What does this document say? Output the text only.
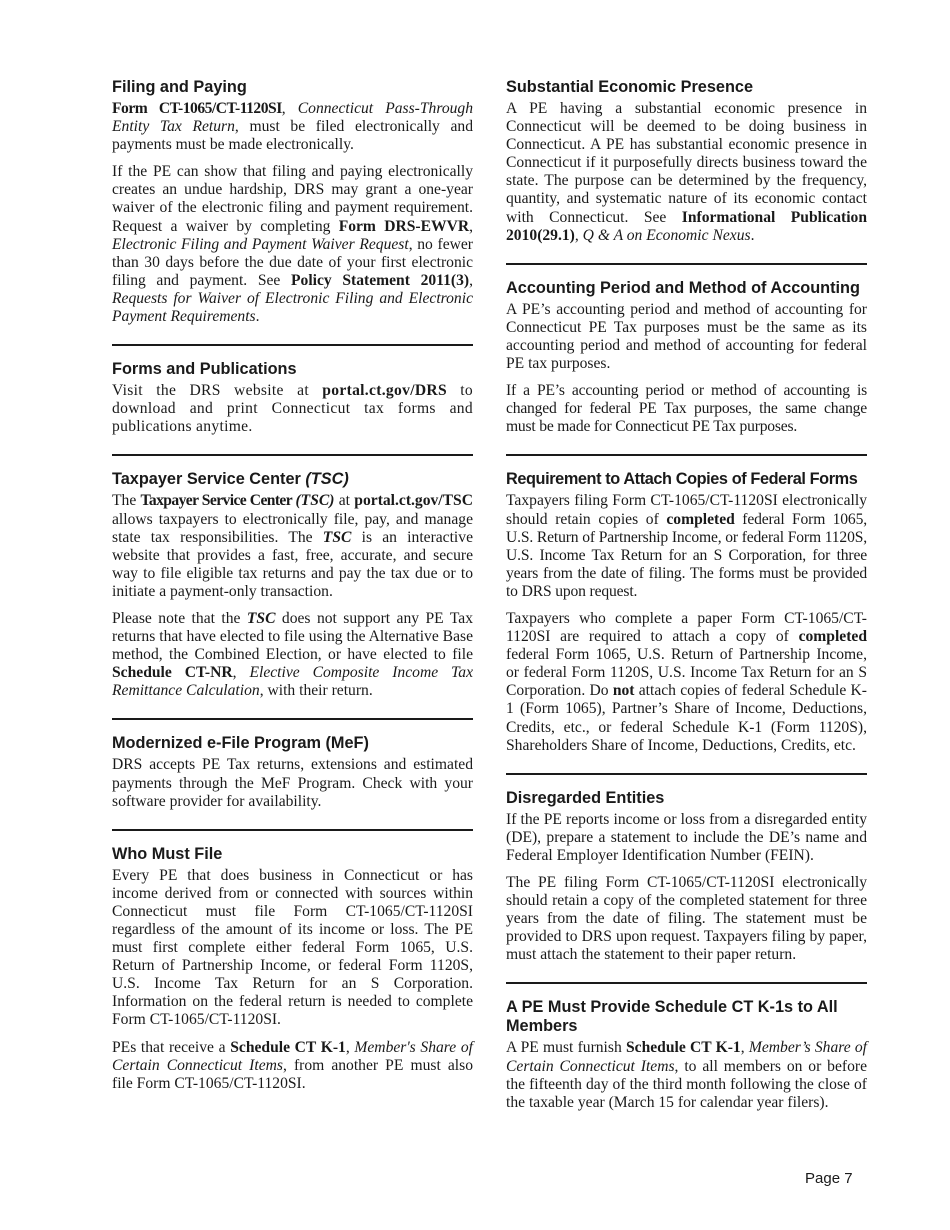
Filing and Paying

Form CT-1065/CT-1120SI, Connecticut Pass-Through Entity Tax Return, must be filed electronically and payments must be made electronically.

If the PE can show that filing and paying electronically creates an undue hardship, DRS may grant a one-year waiver of the electronic filing and payment requirement. Request a waiver by completing Form DRS-EWVR, Electronic Filing and Payment Waiver Request, no fewer than 30 days before the due date of your first electronic filing and payment. See Policy Statement 2011(3), Requests for Waiver of Electronic Filing and Electronic Payment Requirements.

Forms and Publications

Visit the DRS website at portal.ct.gov/DRS to download and print Connecticut tax forms and publications anytime.

Taxpayer Service Center (TSC)

The Taxpayer Service Center (TSC) at portal.ct.gov/TSC allows taxpayers to electronically file, pay, and manage state tax responsibilities. The TSC is an interactive website that provides a fast, free, accurate, and secure way to file eligible tax returns and pay the tax due or to initiate a payment-only transaction.

Please note that the TSC does not support any PE Tax returns that have elected to file using the Alternative Base method, the Combined Election, or have elected to file Schedule CT-NR, Elective Composite Income Tax Remittance Calculation, with their return.

Modernized e-File Program (MeF)

DRS accepts PE Tax returns, extensions and estimated payments through the MeF Program. Check with your software provider for availability.

Who Must File

Every PE that does business in Connecticut or has income derived from or connected with sources within Connecticut must file Form CT-1065/CT-1120SI regardless of the amount of its income or loss. The PE must first complete either federal Form 1065, U.S. Return of Partnership Income, or federal Form 1120S, U.S. Income Tax Return for an S Corporation. Information on the federal return is needed to complete Form CT-1065/CT-1120SI.

PEs that receive a Schedule CT K-1, Member's Share of Certain Connecticut Items, from another PE must also file Form CT-1065/CT-1120SI.

Substantial Economic Presence

A PE having a substantial economic presence in Connecticut will be deemed to be doing business in Connecticut. A PE has substantial economic presence in Connecticut if it purposefully directs business toward the state. The purpose can be determined by the frequency, quantity, and systematic nature of its economic contact with Connecticut. See Informational Publication 2010(29.1), Q & A on Economic Nexus.

Accounting Period and Method of Accounting

A PE’s accounting period and method of accounting for Connecticut PE Tax purposes must be the same as its accounting period and method of accounting for federal PE tax purposes.

If a PE’s accounting period or method of accounting is changed for federal PE Tax purposes, the same change must be made for Connecticut PE Tax purposes.

Requirement to Attach Copies of Federal Forms

Taxpayers filing Form CT-1065/CT-1120SI electronically should retain copies of completed federal Form 1065, U.S. Return of Partnership Income, or federal Form 1120S, U.S. Income Tax Return for an S Corporation, for three years from the date of filing. The forms must be provided to DRS upon request.

Taxpayers who complete a paper Form CT-1065/CT-1120SI are required to attach a copy of completed federal Form 1065, U.S. Return of Partnership Income, or federal Form 1120S, U.S. Income Tax Return for an S Corporation. Do not attach copies of federal Schedule K-1 (Form 1065), Partner’s Share of Income, Deductions, Credits, etc., or federal Schedule K-1 (Form 1120S), Shareholders Share of Income, Deductions, Credits, etc.

Disregarded Entities

If the PE reports income or loss from a disregarded entity (DE), prepare a statement to include the DE’s name and Federal Employer Identification Number (FEIN).

The PE filing Form CT-1065/CT-1120SI electronically should retain a copy of the completed statement for three years from the date of filing. The statement must be provided to DRS upon request. Taxpayers filing by paper, must attach the statement to their paper return.

A PE Must Provide Schedule CT K-1s to All Members

A PE must furnish Schedule CT K-1, Member’s Share of Certain Connecticut Items, to all members on or before the fifteenth day of the third month following the close of the taxable year (March 15 for calendar year filers).

Page 7
